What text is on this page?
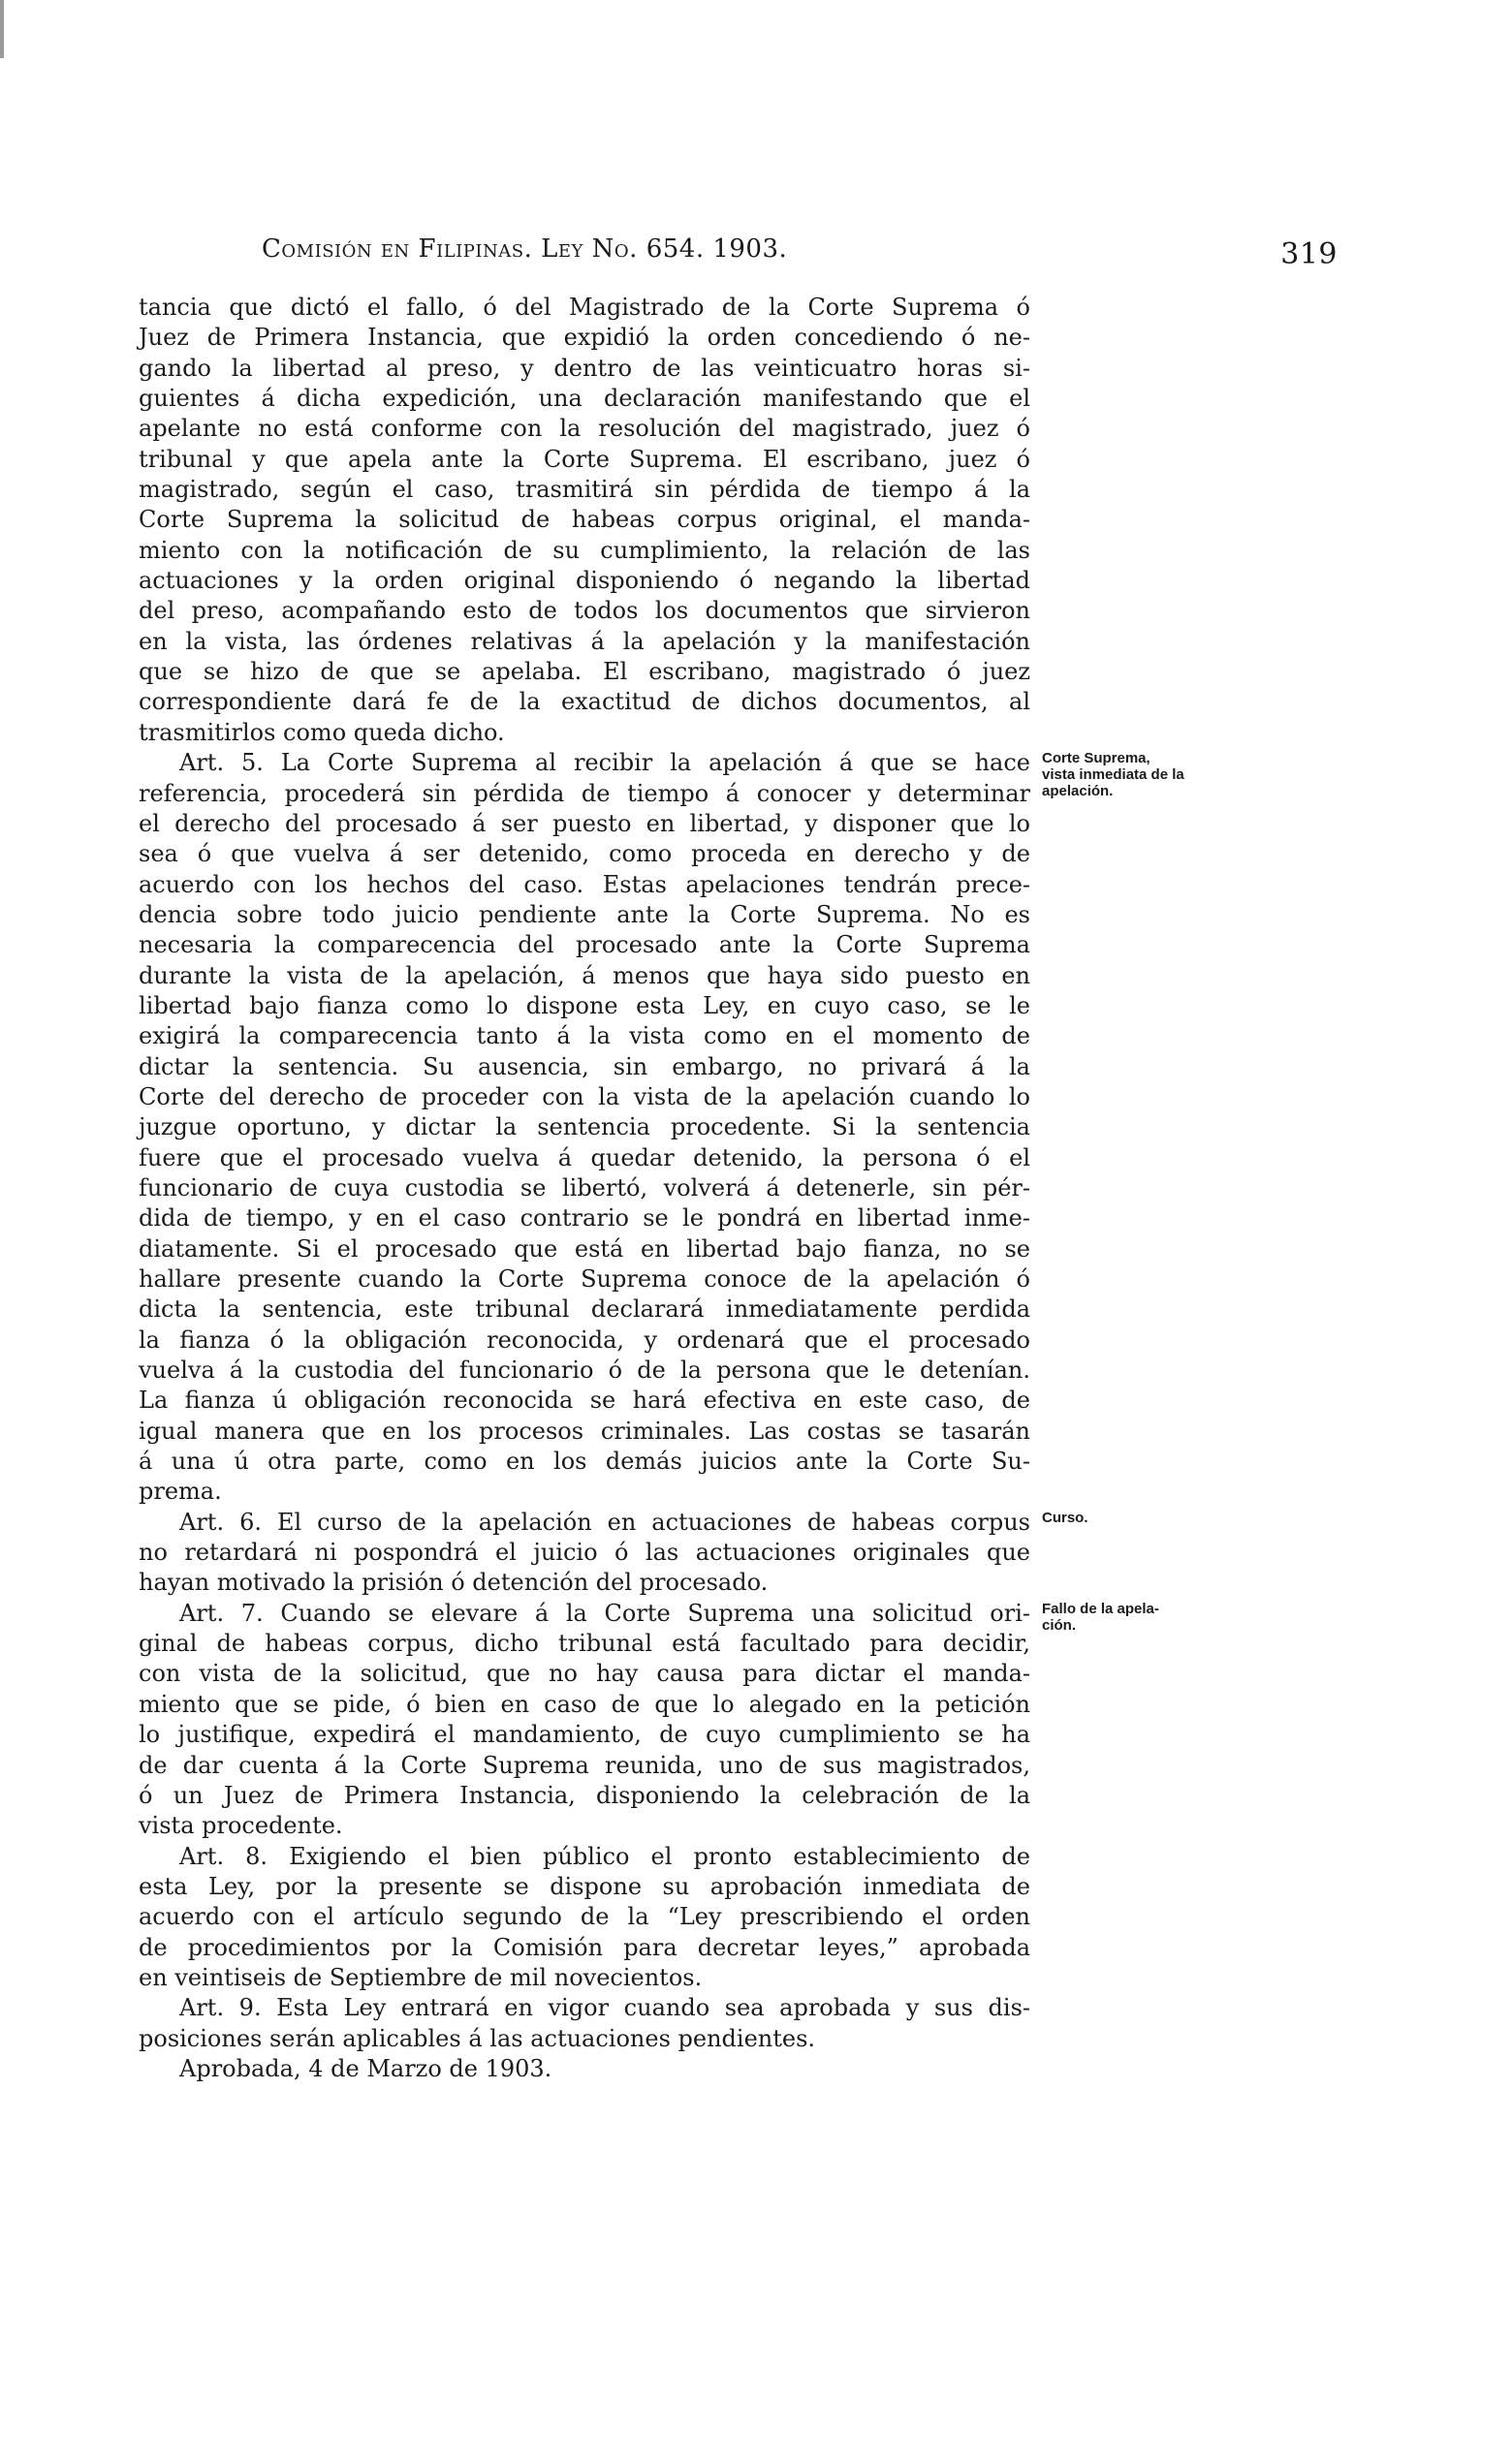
Comisión en Filipinas. Ley No. 654. 1903.	319
tancia que dictó el fallo, ó del Magistrado de la Corte Suprema ó
Juez de Primera Instancia, que expidió la orden concediendo ó ne-
gando la libertad al preso, y dentro de las veinticuatro horas si-
guientes á dicha expedición, una declaración manifestando que el
apelante no está conforme con la resolución del magistrado, juez ó
tribunal y que apela ante la Corte Suprema. El escribano, juez ó
magistrado, según el caso, trasmitirá sin pérdida de tiempo á la
Corte Suprema la solicitud de habeas corpus original, el manda-
miento con la notificación de su cumplimiento, la relación de las
actuaciones y la orden original disponiendo ó negando la libertad
del preso, acompañando esto de todos los documentos que sirvieron
en la vista, las órdenes relativas á la apelación y la manifestación
que se hizo de que se apelaba. El escribano, magistrado ó juez
correspondiente dará fe de la exactitud de dichos documentos, al
trasmitirlos como queda dicho.
Art. 5. La Corte Suprema al recibir la apelación á que se hace
referencia, procederá sin pérdida de tiempo á conocer y determinar
el derecho del procesado á ser puesto en libertad, y disponer que lo
sea ó que vuelva á ser detenido, como proceda en derecho y de
acuerdo con los hechos del caso. Estas apelaciones tendrán prece-
dencia sobre todo juicio pendiente ante la Corte Suprema. No es
necesaria la comparecencia del procesado ante la Corte Suprema
durante la vista de la apelación, á menos que haya sido puesto en
libertad bajo fianza como lo dispone esta Ley, en cuyo caso, se le
exigirá la comparecencia tanto á la vista como en el momento de
dictar la sentencia. Su ausencia, sin embargo, no privará á la
Corte del derecho de proceder con la vista de la apelación cuando lo
juzgue oportuno, y dictar la sentencia procedente. Si la sentencia
fuere que el procesado vuelva á quedar detenido, la persona ó el
funcionario de cuya custodia se libertó, volverá á detenerle, sin pér-
dida de tiempo, y en el caso contrario se le pondrá en libertad inme-
diatamente. Si el procesado que está en libertad bajo fianza, no se
hallare presente cuando la Corte Suprema conoce de la apelación ó
dicta la sentencia, este tribunal declarará inmediatamente perdida
la fianza ó la obligación reconocida, y ordenará que el procesado
vuelva á la custodia del funcionario ó de la persona que le detenían.
La fianza ú obligación reconocida se hará efectiva en este caso, de
igual manera que en los procesos criminales. Las costas se tasarán
á una ú otra parte, como en los demás juicios ante la Corte Su-
prema.
Art. 6. El curso de la apelación en actuaciones de habeas corpus
no retardará ni pospondrá el juicio ó las actuaciones originales que
hayan motivado la prisión ó detención del procesado.
Art. 7. Cuando se elevare á la Corte Suprema una solicitud ori-
ginal de habeas corpus, dicho tribunal está facultado para decidir,
con vista de la solicitud, que no hay causa para dictar el manda-
miento que se pide, ó bien en caso de que lo alegado en la petición
lo justifique, expedirá el mandamiento, de cuyo cumplimiento se ha
de dar cuenta á la Corte Suprema reunida, uno de sus magistrados,
ó un Juez de Primera Instancia, disponiendo la celebración de la
vista procedente.
Art. 8. Exigiendo el bien público el pronto establecimiento de
esta Ley, por la presente se dispone su aprobación inmediata de
acuerdo con el artículo segundo de la “Ley prescribiendo el orden
de procedimientos por la Comisión para decretar leyes,” aprobada
en veintiseis de Septiembre de mil novecientos.
Art. 9. Esta Ley entrará en vigor cuando sea aprobada y sus dis-
posiciones serán aplicables á las actuaciones pendientes.
Aprobada, 4 de Marzo de 1903.
Corte Suprema,
vista inmediata de la
apelación.
Curso.
Fallo de la apela-
ción.
